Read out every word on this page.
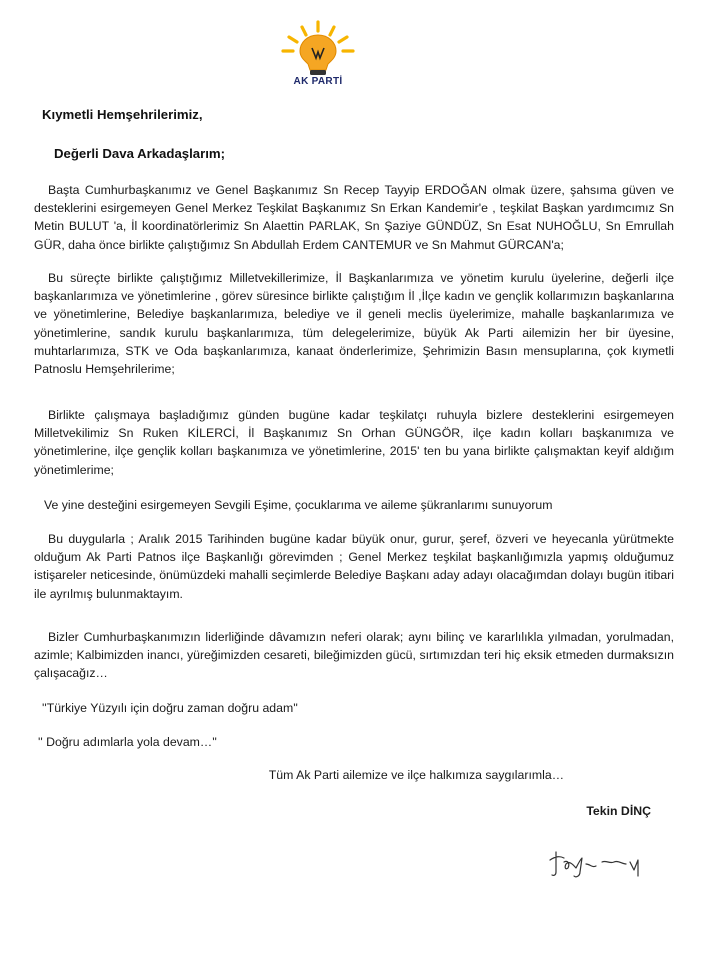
AK PARTİ
Kıymetli Hemşehrilerimiz,
Değerli Dava Arkadaşlarım;

Başta Cumhurbaşkanımız ve Genel Başkanımız Sn Recep Tayyip ERDOĞAN olmak üzere, şahsıma güven ve desteklerini esirgemeyen Genel Merkez Teşkilat Başkanımız Sn Erkan Kandemir'e , teşkilat Başkan yardımcımız Sn Metin BULUT 'a, İl koordinatörlerimiz Sn Alaettin PARLAK, Sn Şaziye GÜNDÜZ, Sn Esat NUHOĞLU, Sn Emrullah GÜR, daha önce birlikte çalıştığımız Sn Abdullah Erdem CANTEMUR ve Sn Mahmut GÜRCAN'a;

Bu süreçte birlikte çalıştığımız Milletvekillerimize, İl Başkanlarımıza ve yönetim kurulu üyelerine, değerli ilçe başkanlarımıza ve yönetimlerine , görev süresince birlikte çalıştığım İl ,İlçe kadın ve gençlik kollarımızın başkanlarına ve yönetimlerine, Belediye başkanlarımıza, belediye ve il geneli meclis üyelerimize, mahalle başkanlarımıza ve yönetimlerine, sandık kurulu başkanlarımıza, tüm delegelerimize, büyük Ak Parti ailemizin her bir üyesine, muhtarlarımıza, STK ve Oda başkanlarımıza, kanaat önderlerimize, Şehrimizin Basın mensuplarına, çok kıymetli Patnoslu Hemşehrilerime;

Birlikte çalışmaya başladığımız günden bugüne kadar teşkilatçı ruhuyla bizlere desteklerini esirgemeyen Milletvekilimiz Sn Ruken KİLERCİ, İl Başkanımız Sn Orhan GÜNGÖR, ilçe kadın kolları başkanımıza ve yönetimlerine, ilçe gençlik kolları başkanımıza ve yönetimlerine, 2015' ten bu yana birlikte çalışmaktan keyif aldığım yönetimlerime;

Ve yine desteğini esirgemeyen Sevgili Eşime, çocuklarıma ve aileme şükranlarımı sunuyorum

Bu duygularla ; Aralık 2015 Tarihinden bugüne kadar büyük onur, gurur, şeref, özveri ve heyecanla yürütmekte olduğum Ak Parti Patnos ilçe Başkanlığı görevimden ; Genel Merkez teşkilat başkanlığımızla yapmış olduğumuz istişareler neticesinde, önümüzdeki mahalli seçimlerde Belediye Başkanı aday adayı olacağımdan dolayı bugün itibari ile ayrılmış bulunmaktayım.

Bizler Cumhurbaşkanımızın liderliğinde dâvamızın neferi olarak; aynı bilinç ve kararlılıkla yılmadan, yorulmadan, azimle; Kalbimizden inancı, yüreğimizden cesareti, bileğimizden gücü, sırtımızdan teri hiç eksik etmeden durmaksızın çalışacağız…

''Türkiye Yüzyılı için doğru zaman doğru adam''
'' Doğru adımlarla yola devam…''
Tüm Ak Parti ailemize ve ilçe halkımıza saygılarımla…
Tekin DİNÇ
